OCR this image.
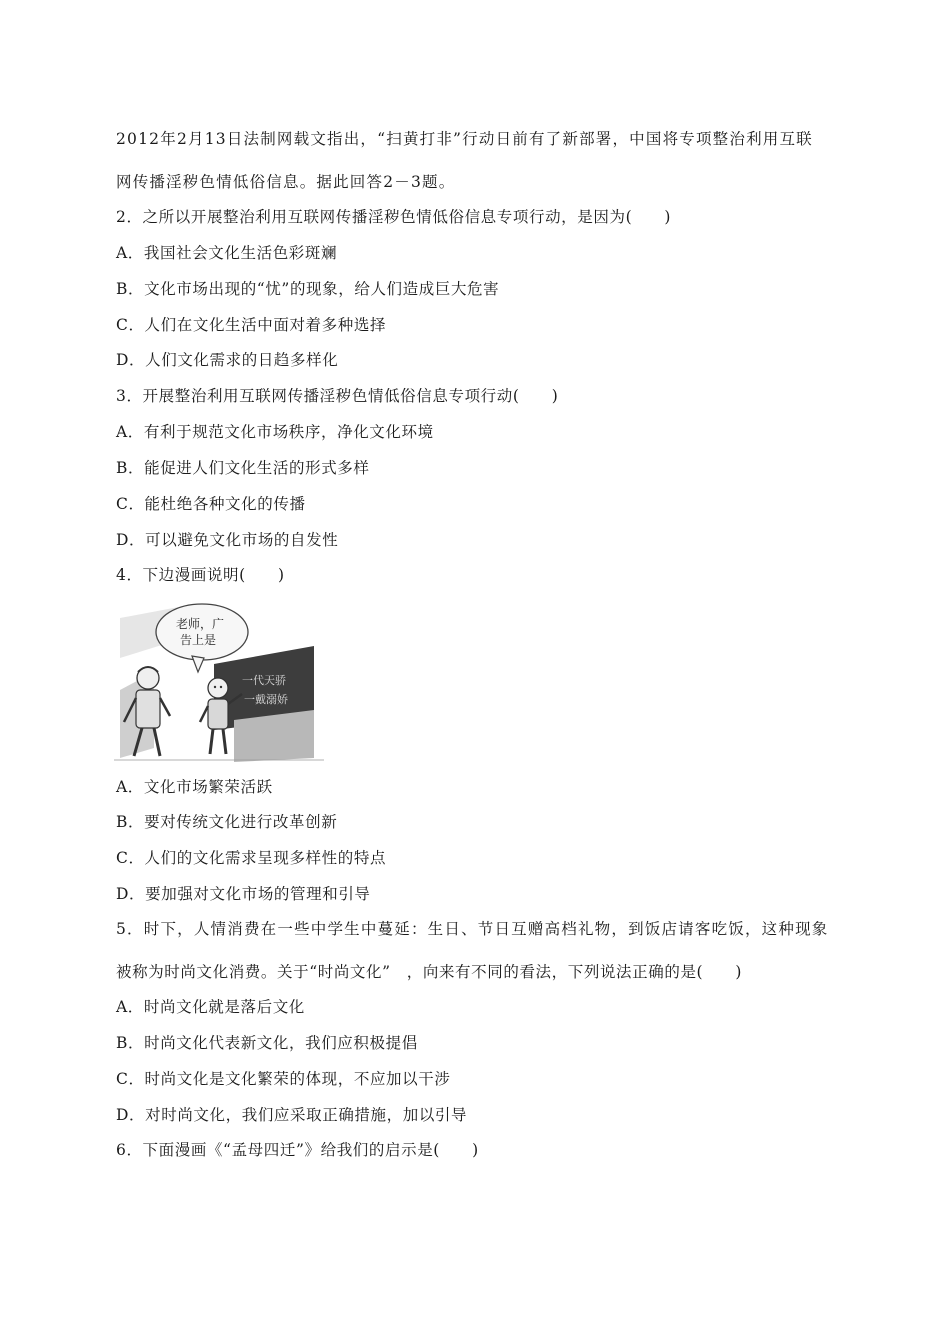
2012年2月13日法制网载文指出，“扫黄打非”行动日前有了新部署，中国将专项整治利用互联
网传播淫秽色情低俗信息。据此回答2－3题。
2．之所以开展整治利用互联网传播淫秽色情低俗信息专项行动，是因为(　　)
A．我国社会文化生活色彩斑斓
B．文化市场出现的“忧”的现象，给人们造成巨大危害
C．人们在文化生活中面对着多种选择
D．人们文化需求的日趋多样化
3．开展整治利用互联网传播淫秽色情低俗信息专项行动(　　)
A．有利于规范文化市场秩序，净化文化环境
B．能促进人们文化生活的形式多样
C．能杜绝各种文化的传播
D．可以避免文化市场的自发性
4．下边漫画说明(　　)
一代天骄
一戴溺娇
老师，广
告上是
A．文化市场繁荣活跃
B．要对传统文化进行改革创新
C．人们的文化需求呈现多样性的特点
D．要加强对文化市场的管理和引导
5．时下，人情消费在一些中学生中蔓延：生日、节日互赠高档礼物，到饭店请客吃饭，这种现象
被称为时尚文化消费。关于“时尚文化”　，向来有不同的看法，下列说法正确的是(　　)
A．时尚文化就是落后文化
B．时尚文化代表新文化，我们应积极提倡
C．时尚文化是文化繁荣的体现，不应加以干涉
D．对时尚文化，我们应采取正确措施，加以引导
6．下面漫画《“孟母四迁”》给我们的启示是(　　)
